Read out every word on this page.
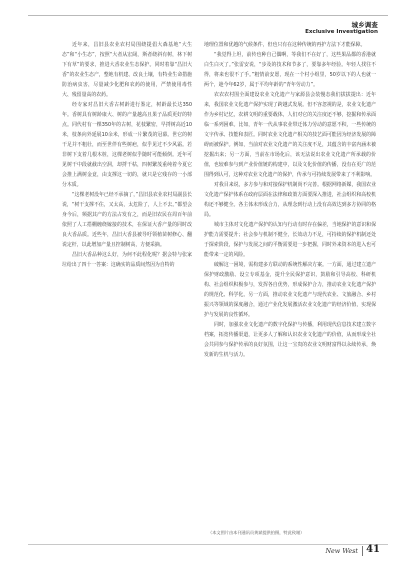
城乡调查
Exclusive Investigation

近年来，昌旧县农业农村局围绕提倡大森基地“大生态”和“小生态”，按照“大者从宏阔，斯者绕斜有树，林下树下有草”的要求，推进大香农业生态保护。同时着靠“昌旧大香”的农业生态产，整地有机建、改良土壤，有特业生命措施防治病虫害，尽量减少化肥和农药的使用，严禁使用毒性大、残留量高的农药。

经专家对昌旧大香古树龄进行鉴定，树龄最长达350年。香树具有树龄康大、树的产量越高且果子品质更好的特点。同代村有一棵350年的古树，花枝繁密，早捋树高近10米，枝条向外延展10余米，形成一片繁茂的冠幕。世它的树干足并不粗壮，而至世伴有些树疤，似乎见过不少风霜。若非树下支着几根木桩，这棵老树似乎随时可能倾倒。近年可见树干中段就截出空洞，却捋干枯，四树繁茂重纯着今夏它会推上满树金竟，由支撑这一切的，就只是它残存的一小部分木质。

“这棵老树没年已经不承摘了，”昌旧县农业农村局副县长说，“树干支撑不住，又太高，太危险了，人上不去。”都望会身今后，频据其产的方法占发有之，而是旧农民在周百年前依照了人工搭棚缠绕嫁接的技术，在保证大香产量的同时改良大香品质。近些年，昌旧大香县被导吁领植苗树修心、翻说定杆，以此增加产量且控制树高，方便采摘。

昌旧大香品种这么好，为何不此程化呢？据会特与张家垃给出了四十一答案：这确实的品质间然因为自特的

地理位置和优越的气候条件，但也只有在这种传统的再护方法下才能保障。

“我觉得上坦，前传也种自己偶啊，等我们不在好了，这些果品都的香港就白生白灭了。”张雷安说，“步及的技术和节多了，要靠多年经验。年轻人找往不得，将来也很不了手。”粗情前安愿，现在一个村小组里，50岁以下的人也就一两个，趁今年62岁，属于平均年龄的“青年劳动力”。

农农农村围全面建设农业文化遗产与家源县会装慢态我们拔拔提出：近年来，我国农业文化遗产保护实现了跨越式发展。但不容忽视的是，农业文化遗产作为乡村记忆，农耕文明的重要载体，人们对它的关注度还不够，挖掘和传承面临一系列困难。比如，青年一代从事农业带迁体力劳动的意愿不积，一些传统的文字传承、技能和表匠。同时农业文化遗产相关的技艺面可能因为经济发展的障碍而被保护。例如，当前对农业文化遗产的关注度不足，其蕴含的丰富内涵未被挖掘出来；另一方面，当前在市场化后，该无法说出农业文化遗产所承载的价值，也较难参与到产业价值链的构建中，以及文化价值的传播，没有在更广的范围得到认可，这种对农业文化遗产的保护，传承与可持续发展带来了不利影响。

对我目来说，多方参与和对接保护机制尚不完善。根据网络新媒，我国农业文化遗产保护体系在政府层面在法律和政策方面要深入推进，社会组织和高校机构还不够健全。各主体未形成合力，从理念到行动上没有高效达到多方协同的格局。

城市主体对文化遗产保护的认知与行动有时存在偏差，当地保护的意识和保护能力需要提升；社会参与机制不健全，长效动力不足，可持续的保护机制还处于探索阶段，保护与发展之间的平衡需要进一步把握，同时外来资本的进入也可能带来一定的风险。

破解这一困境，需构建多方联动的系统性解决方案。一方面，通过建立遗产保护财政激励、设立专项基金，提升全民保护意识，鼓励和引导高校、科研机构、社会组织积极参与，发挥各自优势，形成保护合力，推动农业文化遗产保护的规范化、科学化。另一方面，推动农业文化遗产与现代农业、文旅融合、乡村振兴等领域的深度融合，通过产业化发展激活农业文化遗产的经济价值，实现保护与发展的良性循环。

同时，加强农业文化遗产的数字化保护与传播，利用现代信息技术建立数字档案，拓宽传播渠道，让更多人了解和认识农业文化遗产的价值，从而形成全社会共同参与保护传承的良好氛围，让这一宝贵的农业文明财富得以永续传承，焕发新的生机与活力。

（本文图片由本刊通讯员黄斌提供拍摄，特此致谢）
New West 41
